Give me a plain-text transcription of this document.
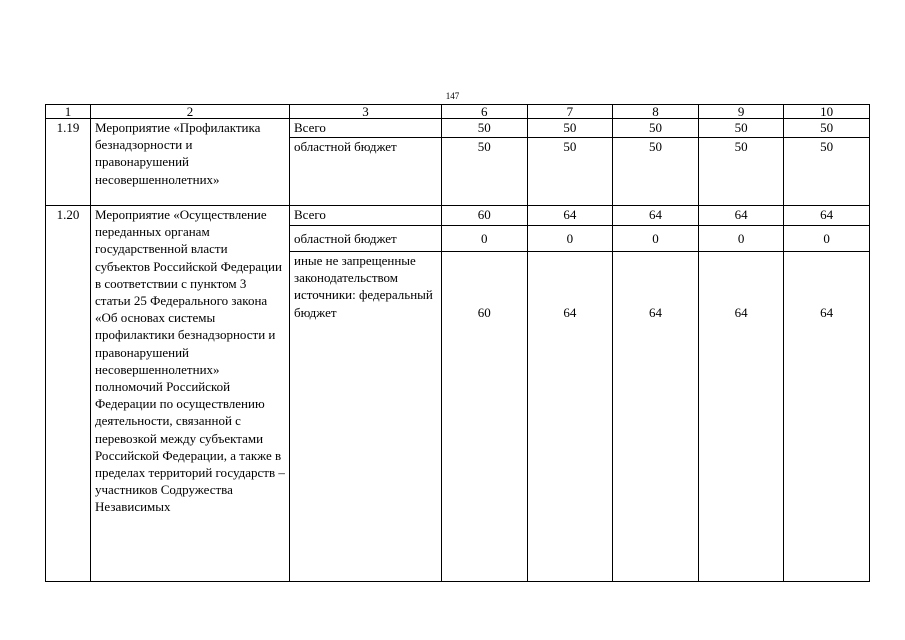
147
1	2	3	6	7	8	9	10
1.19	Мероприятие «Профилактика безнадзорности и правонарушений несовершеннолетних»	Всего	50	50	50	50	50
		областной бюджет	50	50	50	50	50
1.20	Мероприятие «Осуществление переданных органам государственной власти субъектов Российской Федерации в соответствии с пунктом 3 статьи 25 Федерального закона «Об основах системы профилактики безнадзорности и правонарушений несовершеннолетних» полномочий Российской Федерации по осуществлению деятельности, связанной с перевозкой между субъектами Российской Федерации, а также в пределах территорий государств – участников Содружества Независимых	Всего	60	64	64	64	64
		областной бюджет	0	0	0	0	0
		иные не запрещенные законодательством источники: федеральный бюджет	60	64	64	64	64
